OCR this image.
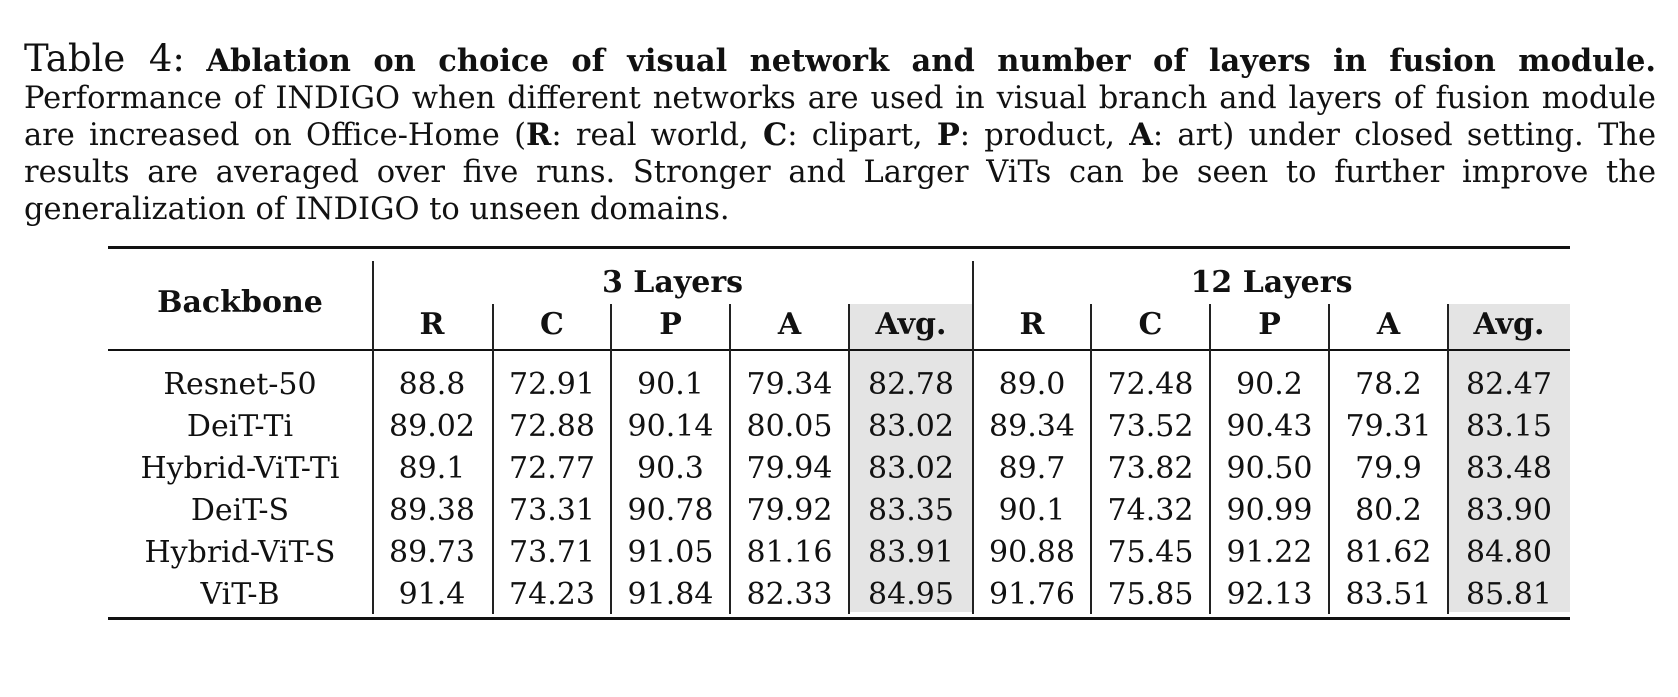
Table 4: Ablation on choice of visual network and number of layers in fusion module. Performance of INDIGO when different networks are used in visual branch and layers of fusion module are increased on Office-Home (R: real world, C: clipart, P: product, A: art) under closed setting. The results are averaged over five runs. Stronger and Larger ViTs can be seen to further improve the generalization of INDIGO to unseen domains.
Backbone
3 Layers	12 Layers
R	C	P	A	Avg.	R	C	P	A	Avg.
Resnet-50	88.8	72.91	90.1	79.34	82.78	89.0	72.48	90.2	78.2	82.47
DeiT-Ti	89.02	72.88	90.14	80.05	83.02	89.34	73.52	90.43	79.31	83.15
Hybrid-ViT-Ti	89.1	72.77	90.3	79.94	83.02	89.7	73.82	90.50	79.9	83.48
DeiT-S	89.38	73.31	90.78	79.92	83.35	90.1	74.32	90.99	80.2	83.90
Hybrid-ViT-S	89.73	73.71	91.05	81.16	83.91	90.88	75.45	91.22	81.62	84.80
ViT-B	91.4	74.23	91.84	82.33	84.95	91.76	75.85	92.13	83.51	85.81
